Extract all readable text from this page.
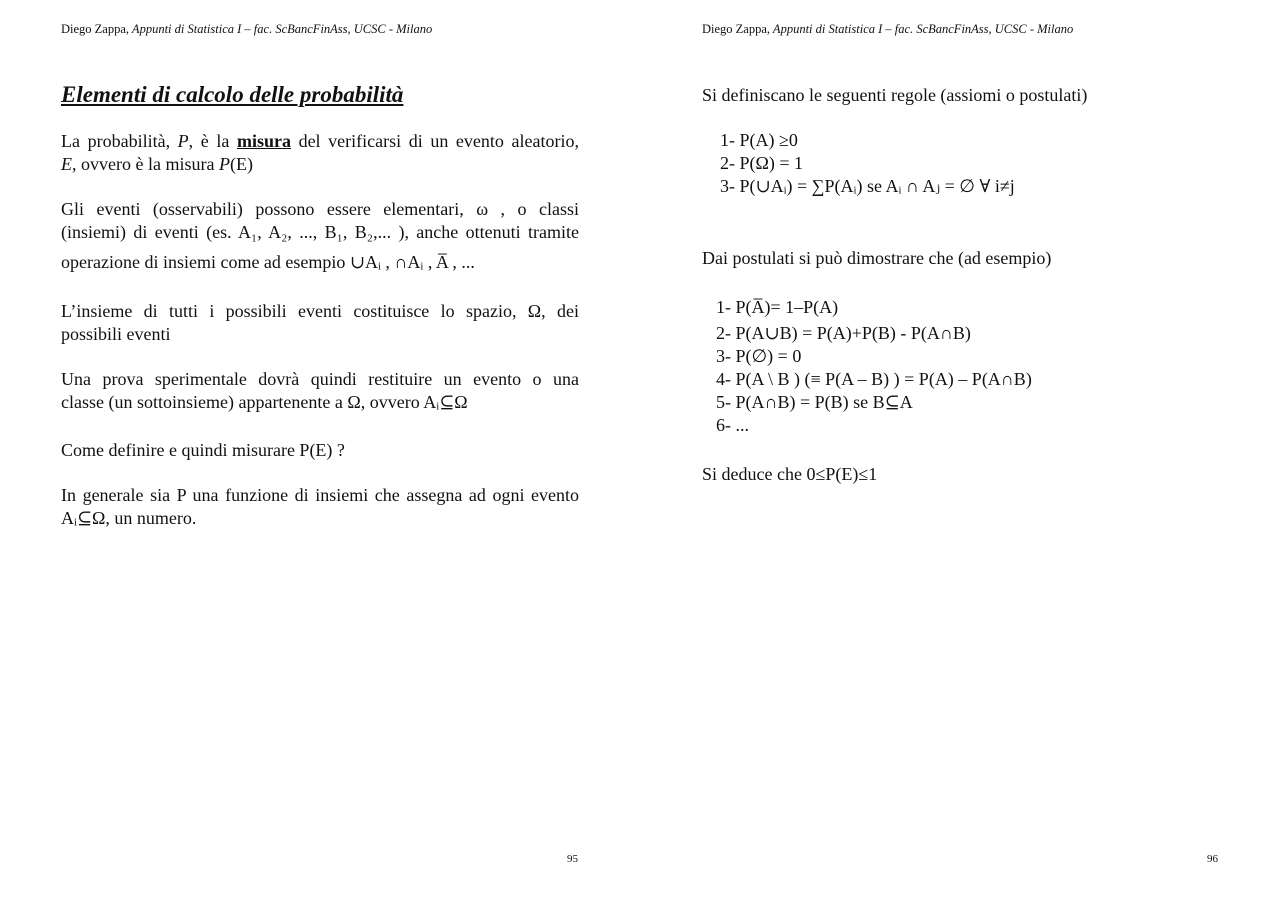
Diego Zappa, Appunti di Statistica I – fac. ScBancFinAss, UCSC - Milano
Elementi di calcolo delle probabilità
La probabilità, P, è la misura del verificarsi di un evento aleatorio,
E, ovvero è la misura P(E)
Gli eventi (osservabili) possono essere elementari, ω , o classi
(insiemi) di eventi (es. A₁, A₂, ..., B₁, B₂,... ), anche ottenuti tramite
operazione di insiemi come ad esempio ∪Aᵢ , ∩Aᵢ , A̅ , ...
L’insieme di tutti i possibili eventi costituisce lo spazio, Ω, dei
possibili eventi
Una prova sperimentale dovrà quindi restituire un evento o una
classe (un sottoinsieme) appartenente a Ω, ovvero Aᵢ⊆Ω
Come definire e quindi misurare P(E) ?
In generale sia P una funzione di insiemi che assegna ad ogni evento
Aᵢ⊆Ω, un numero.
95
Diego Zappa, Appunti di Statistica I – fac. ScBancFinAss, UCSC - Milano
Si definiscano le seguenti regole (assiomi o postulati)
1- P(A) ≥0
2- P(Ω) = 1
3- P(∪Aᵢ) = ∑P(Aᵢ) se Aᵢ ∩ Aⱼ = ∅ ∀ i≠j
Dai postulati si può dimostrare che (ad esempio)
1- P(A̅)= 1–P(A)
2- P(A∪B) = P(A)+P(B) - P(A∩B)
3- P(∅) = 0
4- P(A \ B ) (≡ P(A – B) ) = P(A) – P(A∩B)
5- P(A∩B) = P(B) se B⊆A
6- ...
Si deduce che 0≤P(E)≤1
96
